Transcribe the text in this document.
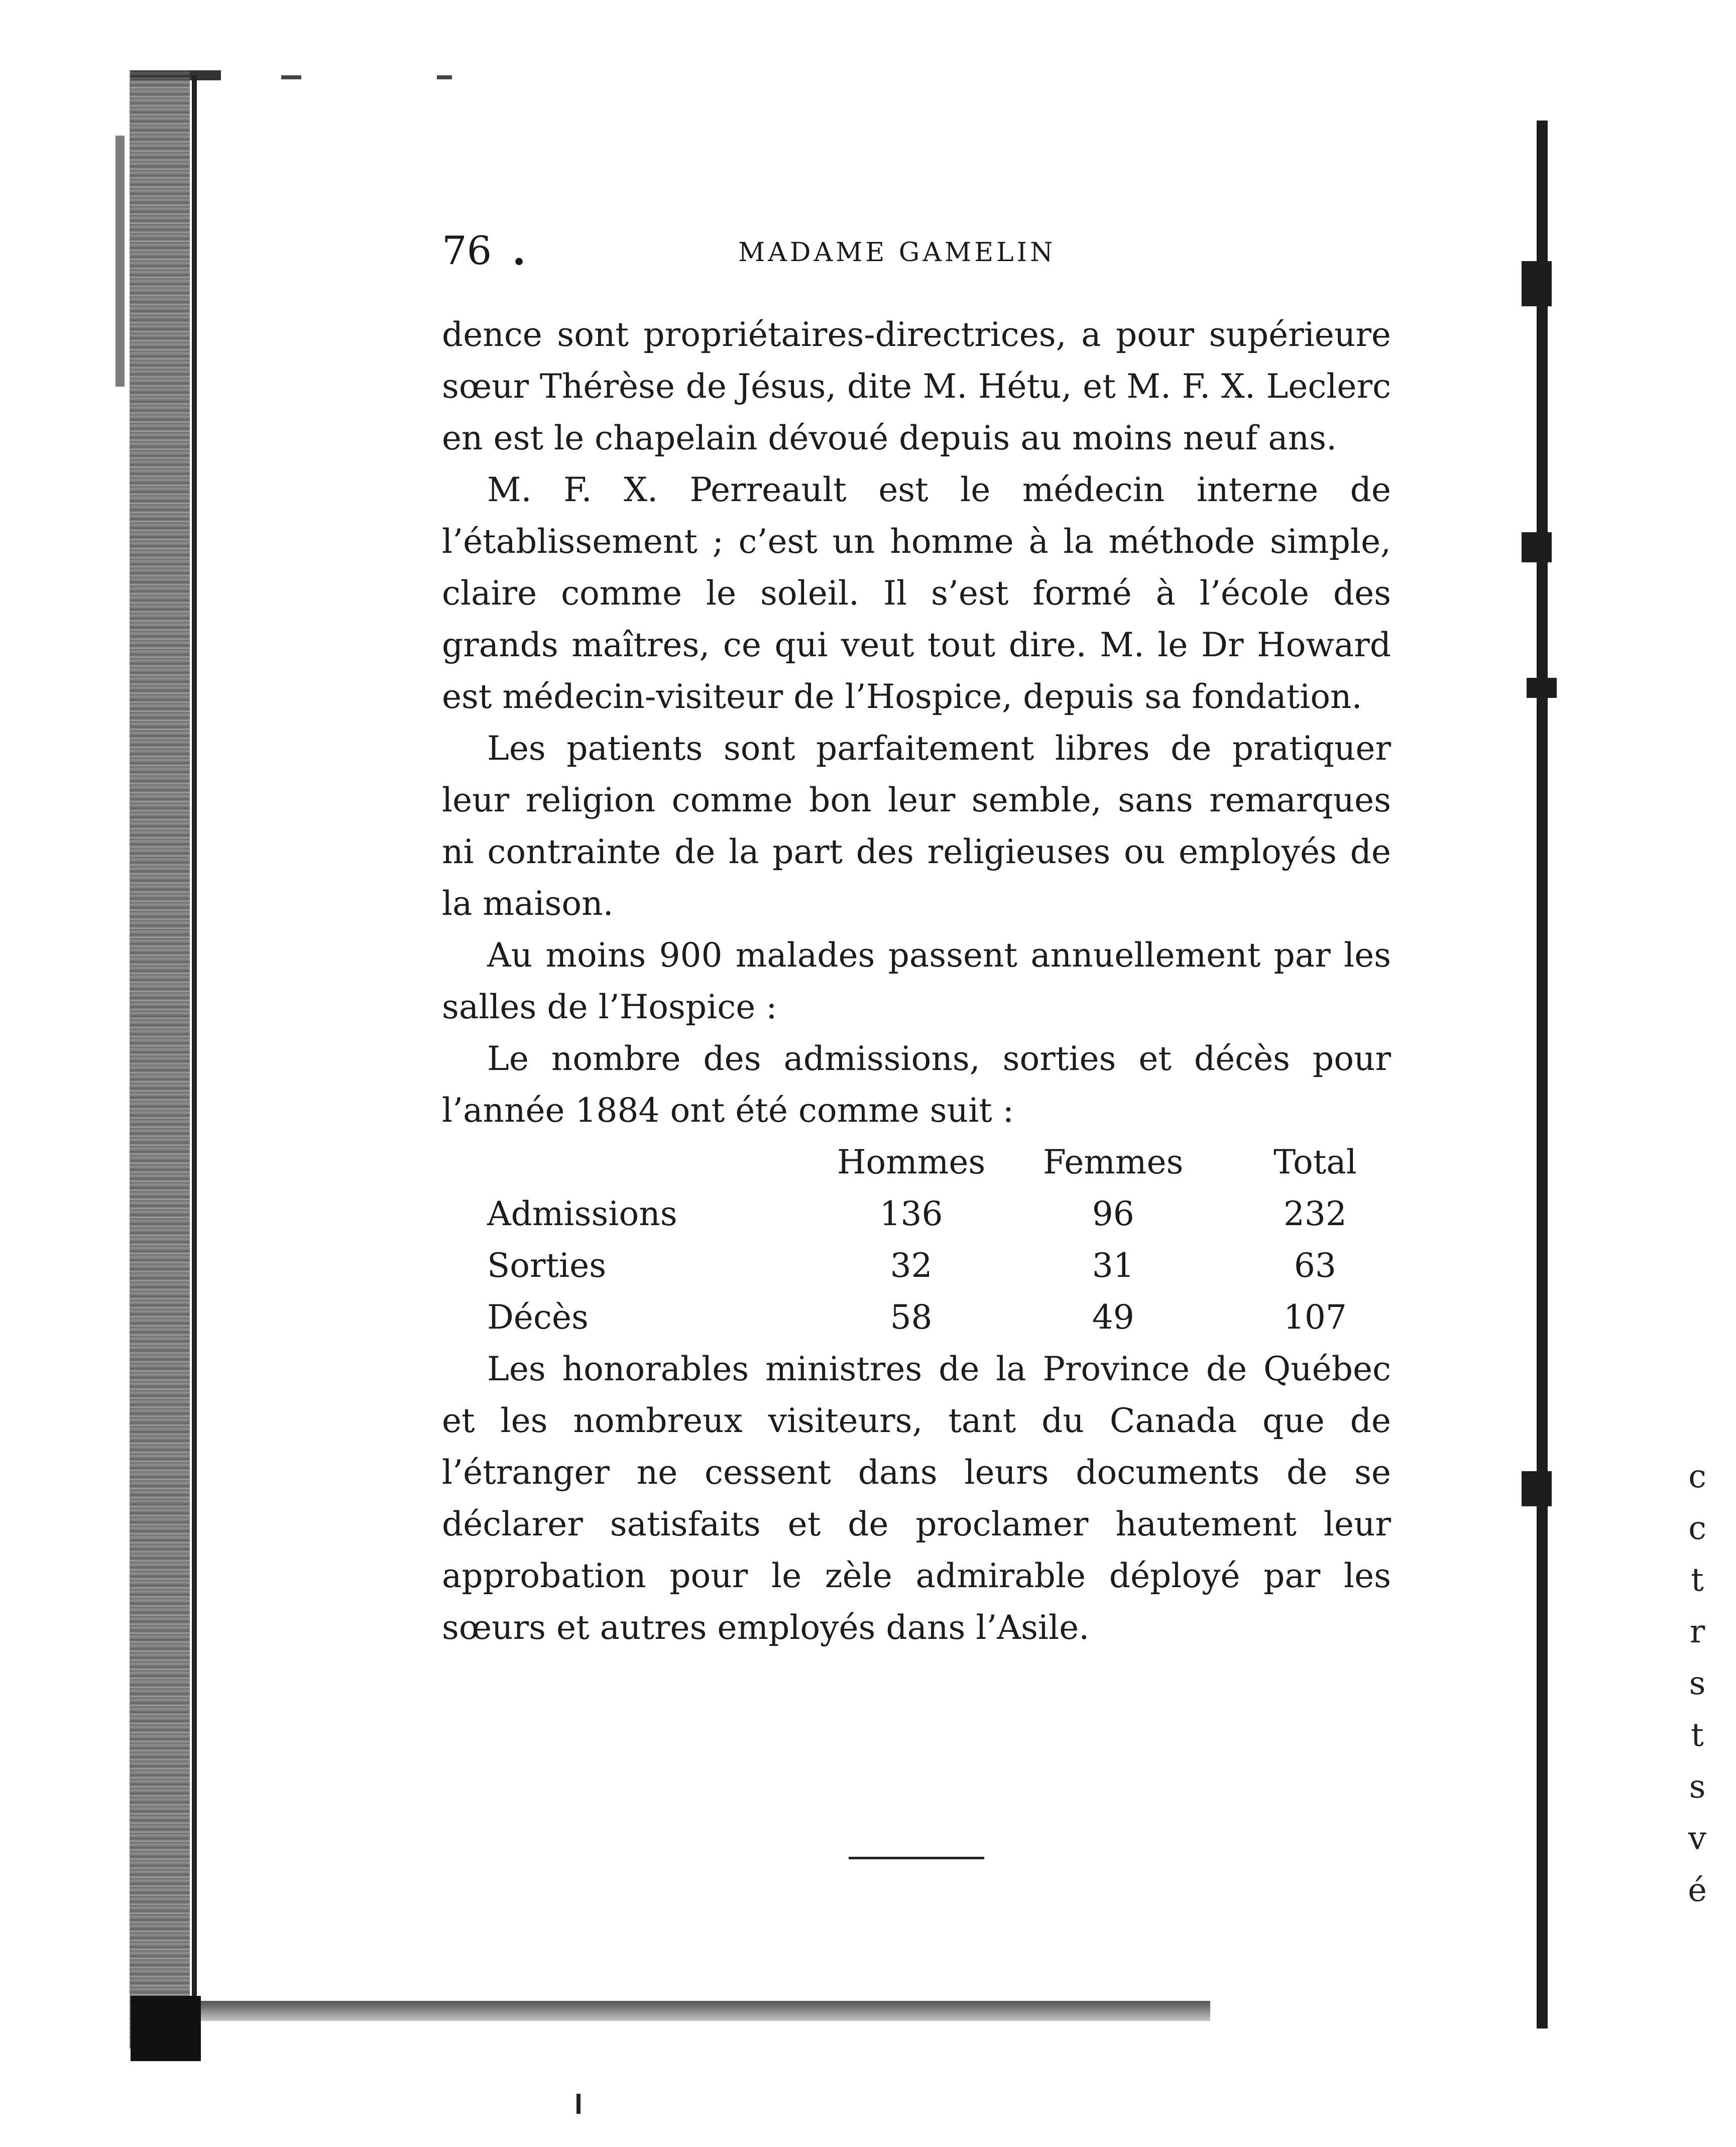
c
c
t
r
s
t
s
v
é
76 .	MADAME GAMELIN

dence sont propriétaires-directrices, a pour supérieure sœur Thérèse de Jésus, dite M. Hétu, et M. F. X. Leclerc en est le chapelain dévoué depuis au moins neuf ans.

M. F. X. Perreault est le médecin interne de l’établissement ; c’est un homme à la méthode simple, claire comme le soleil. Il s’est formé à l’école des grands maîtres, ce qui veut tout dire. M. le Dr Howard est médecin-visiteur de l’Hospice, depuis sa fondation.

Les patients sont parfaitement libres de pratiquer leur religion comme bon leur semble, sans remarques ni contrainte de la part des religieuses ou employés de la maison.

Au moins 900 malades passent annuellement par les salles de l’Hospice :

Le nombre des admissions, sorties et décès pour l’année 1884 ont été comme suit :

	Hommes	Femmes	Total
Admissions	136	96	232
Sorties	32	31	63
Décès	58	49	107

Les honorables ministres de la Province de Québec et les nombreux visiteurs, tant du Canada que de l’étranger ne cessent dans leurs documents de se déclarer satisfaits et de proclamer hautement leur approbation pour le zèle admirable déployé par les sœurs et autres employés dans l’Asile.
